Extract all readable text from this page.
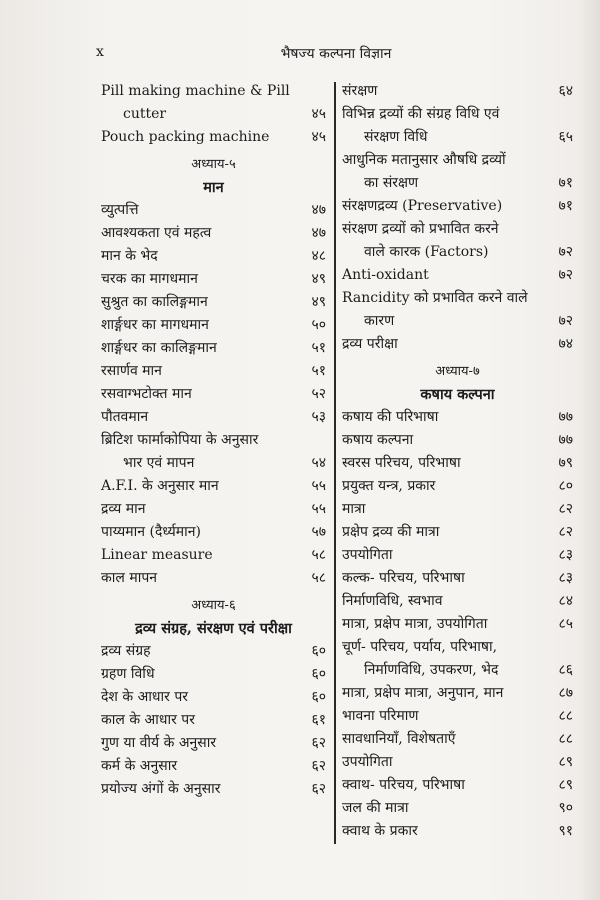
x	भैषज्य कल्पना विज्ञान
Pill making machine & Pill
cutter	४५
Pouch packing machine	४५
अध्याय-५
मान
व्युत्पत्ति	४७
आवश्यकता एवं महत्व	४७
मान के भेद	४८
चरक का मागधमान	४९
सुश्रुत का कालिङ्गमान	४९
शार्ङ्गधर का मागधमान	५०
शार्ङ्गधर का कालिङ्गमान	५१
रसार्णव मान	५१
रसवाग्भटोक्त मान	५२
पौतवमान	५३
ब्रिटिश फार्माकोपिया के अनुसार
भार एवं मापन	५४
A.F.I. के अनुसार मान	५५
द्रव्य मान	५५
पाय्यमान (दैर्ध्यमान)	५७
Linear measure	५८
काल मापन	५८
अध्याय-६
द्रव्य संग्रह, संरक्षण एवं परीक्षा
द्रव्य संग्रह	६०
ग्रहण विधि	६०
देश के आधार पर	६०
काल के आधार पर	६१
गुण या वीर्य के अनुसार	६२
कर्म के अनुसार	६२
प्रयोज्य अंगों के अनुसार	६२
संरक्षण	६४
विभिन्न द्रव्यों की संग्रह विधि एवं
संरक्षण विधि	६५
आधुनिक मतानुसार औषधि द्रव्यों
का संरक्षण	७१
संरक्षणद्रव्य (Preservative)	७१
संरक्षण द्रव्यों को प्रभावित करने
वाले कारक (Factors)	७२
Anti-oxidant	७२
Rancidity को प्रभावित करने वाले
कारण	७२
द्रव्य परीक्षा	७४
अध्याय-७
कषाय कल्पना
कषाय की परिभाषा	७७
कषाय कल्पना	७७
स्वरस परिचय, परिभाषा	७९
प्रयुक्त यन्त्र, प्रकार	८०
मात्रा	८२
प्रक्षेप द्रव्य की मात्रा	८२
उपयोगिता	८३
कल्क- परिचय, परिभाषा	८३
निर्माणविधि, स्वभाव	८४
मात्रा, प्रक्षेप मात्रा, उपयोगिता	८५
चूर्ण- परिचय, पर्याय, परिभाषा,
निर्माणविधि, उपकरण, भेद	८६
मात्रा, प्रक्षेप मात्रा, अनुपान, मान	८७
भावना परिमाण	८८
सावधानियाँ, विशेषताएँ	८८
उपयोगिता	८९
क्वाथ- परिचय, परिभाषा	८९
जल की मात्रा	९०
क्वाथ के प्रकार	९१
